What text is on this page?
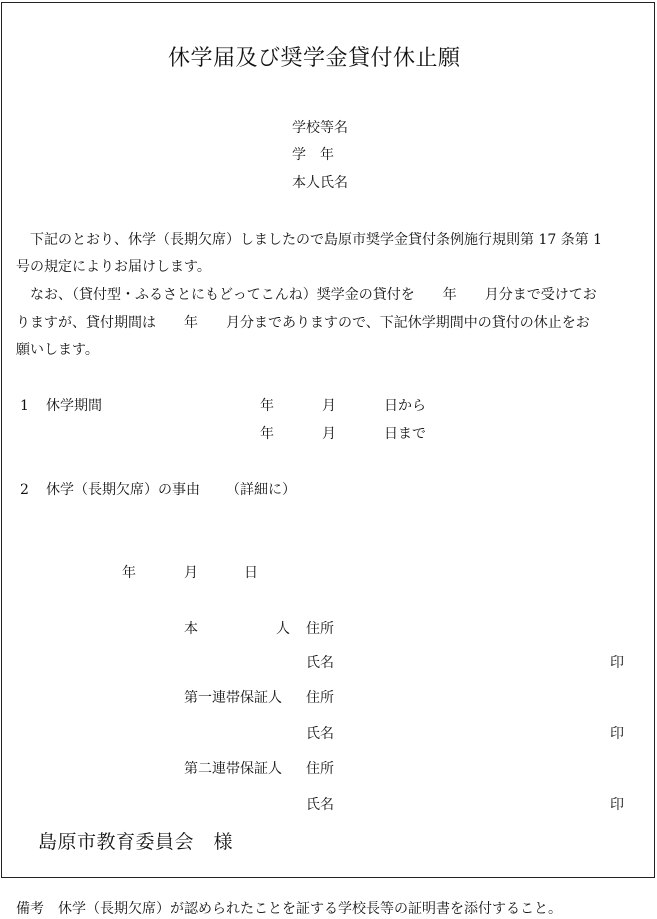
休学届及び奨学金貸付休止願
学校等名
学　年
本人氏名
　下記のとおり、休学（長期欠席）しましたので島原市奨学金貸付条例施行規則第 17 条第 1
号の規定によりお届けします。
　なお、（貸付型・ふるさとにもどってこんね）奨学金の貸付を　　年　　月分まで受けてお
りますが、貸付期間は　　年　　月分までありますので、下記休学期間中の貸付の休止をお
願いします。
1 休学期間	年	月	日から
年	月	日まで
2 休学（長期欠席）の事由 （詳細に）
年	月	日
本	人 住所
氏名	印
第一連帯保証人 住所
氏名	印
第二連帯保証人 住所
氏名	印
島原市教育委員会　様
備考　休学（長期欠席）が認められたことを証する学校長等の証明書を添付すること。
